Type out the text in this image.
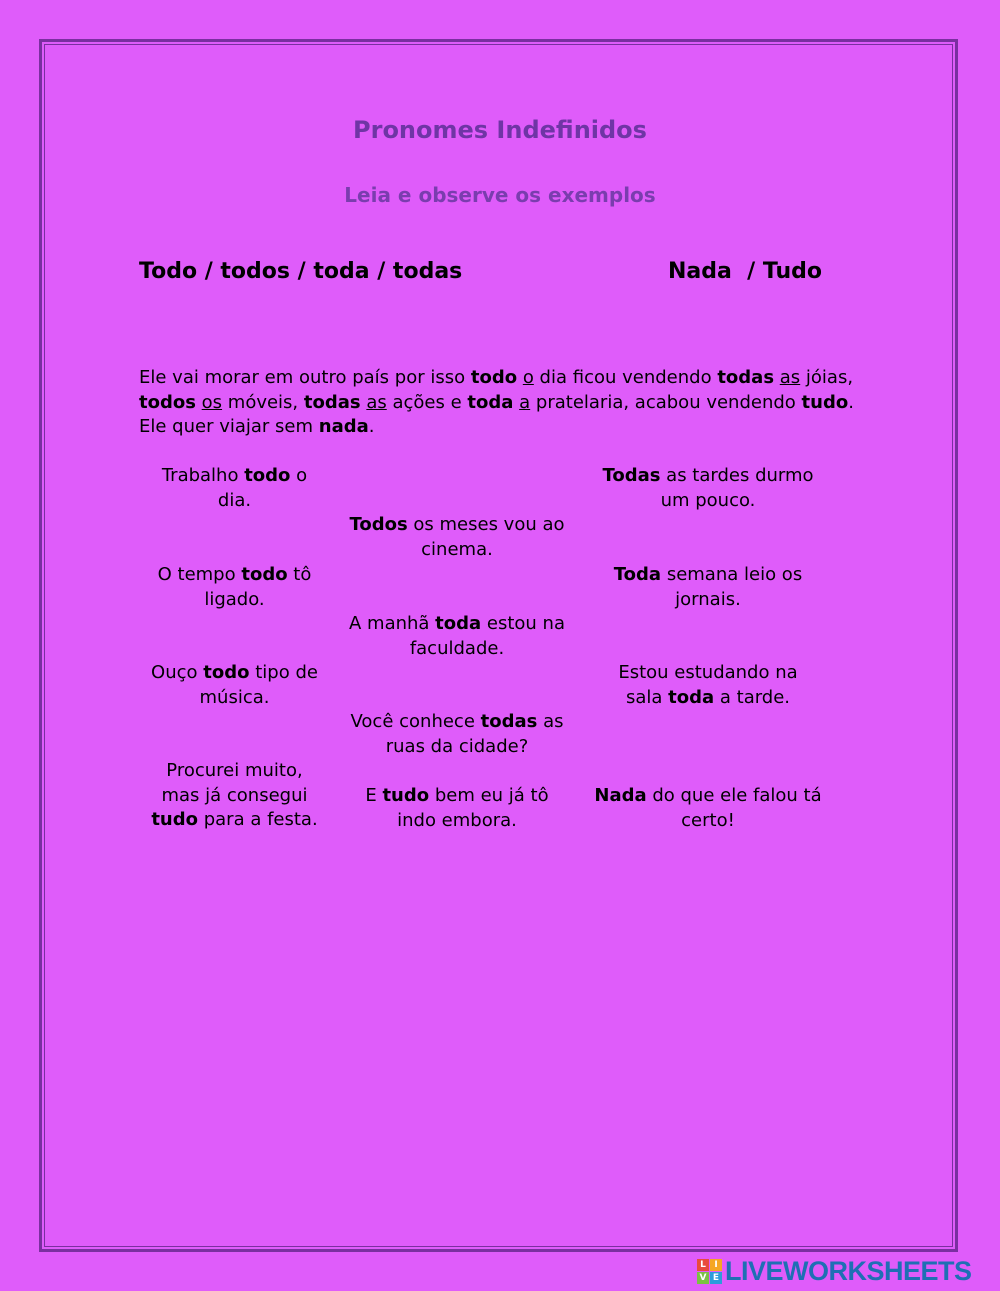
Pronomes Indefinidos
Leia e observe os exemplos
Todo / todos / toda / todas	Nada  / Tudo
Ele vai morar em outro país por isso todo o dia ficou vendendo todas as jóias, todos os móveis, todas as ações e toda a pratelaria, acabou vendendo tudo. Ele quer viajar sem nada.
Trabalho todo o dia.
Todas as tardes durmo um pouco.
Todos os meses vou ao cinema.
O tempo todo tô ligado.
Toda semana leio os jornais.
A manhã toda estou na faculdade.
Ouço todo tipo de música.
Estou estudando na sala toda a tarde.
Você conhece todas as ruas da cidade?
Procurei muito, mas já consegui tudo para a festa.
E tudo bem eu já tô indo embora.
Nada do que ele falou tá certo!
L I
V E LIVEWORKSHEETS
